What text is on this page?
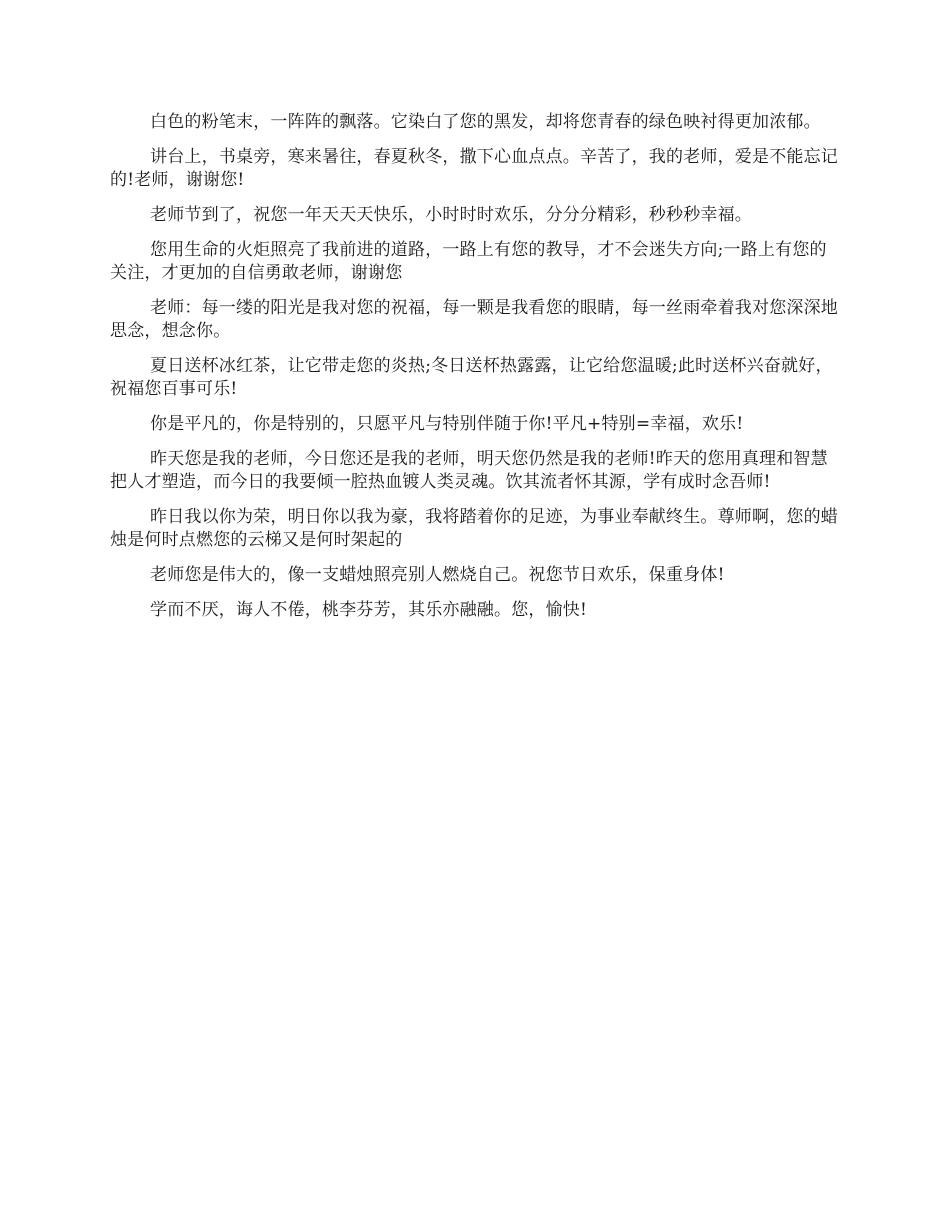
白色的粉笔末，一阵阵的飘落。它染白了您的黑发，却将您青春的绿色映衬得更加浓郁。

讲台上，书桌旁，寒来暑往，春夏秋冬，撒下心血点点。辛苦了，我的老师，爱是不能忘记的!老师，谢谢您!

老师节到了，祝您一年天天天快乐，小时时时欢乐，分分分精彩，秒秒秒幸福。

您用生命的火炬照亮了我前进的道路，一路上有您的教导，才不会迷失方向;一路上有您的关注，才更加的自信勇敢老师，谢谢您

老师：每一缕的阳光是我对您的祝福，每一颗是我看您的眼睛，每一丝雨牵着我对您深深地思念，想念你。

夏日送杯冰红茶，让它带走您的炎热;冬日送杯热露露，让它给您温暖;此时送杯兴奋就好，祝福您百事可乐!

你是平凡的，你是特别的，只愿平凡与特别伴随于你!平凡+特别=幸福，欢乐!

昨天您是我的老师，今日您还是我的老师，明天您仍然是我的老师!昨天的您用真理和智慧把人才塑造，而今日的我要倾一腔热血镀人类灵魂。饮其流者怀其源，学有成时念吾师!

昨日我以你为荣，明日你以我为豪，我将踏着你的足迹，为事业奉献终生。尊师啊，您的蜡烛是何时点燃您的云梯又是何时架起的

老师您是伟大的，像一支蜡烛照亮别人燃烧自己。祝您节日欢乐，保重身体!

学而不厌，诲人不倦，桃李芬芳，其乐亦融融。您，愉快!
